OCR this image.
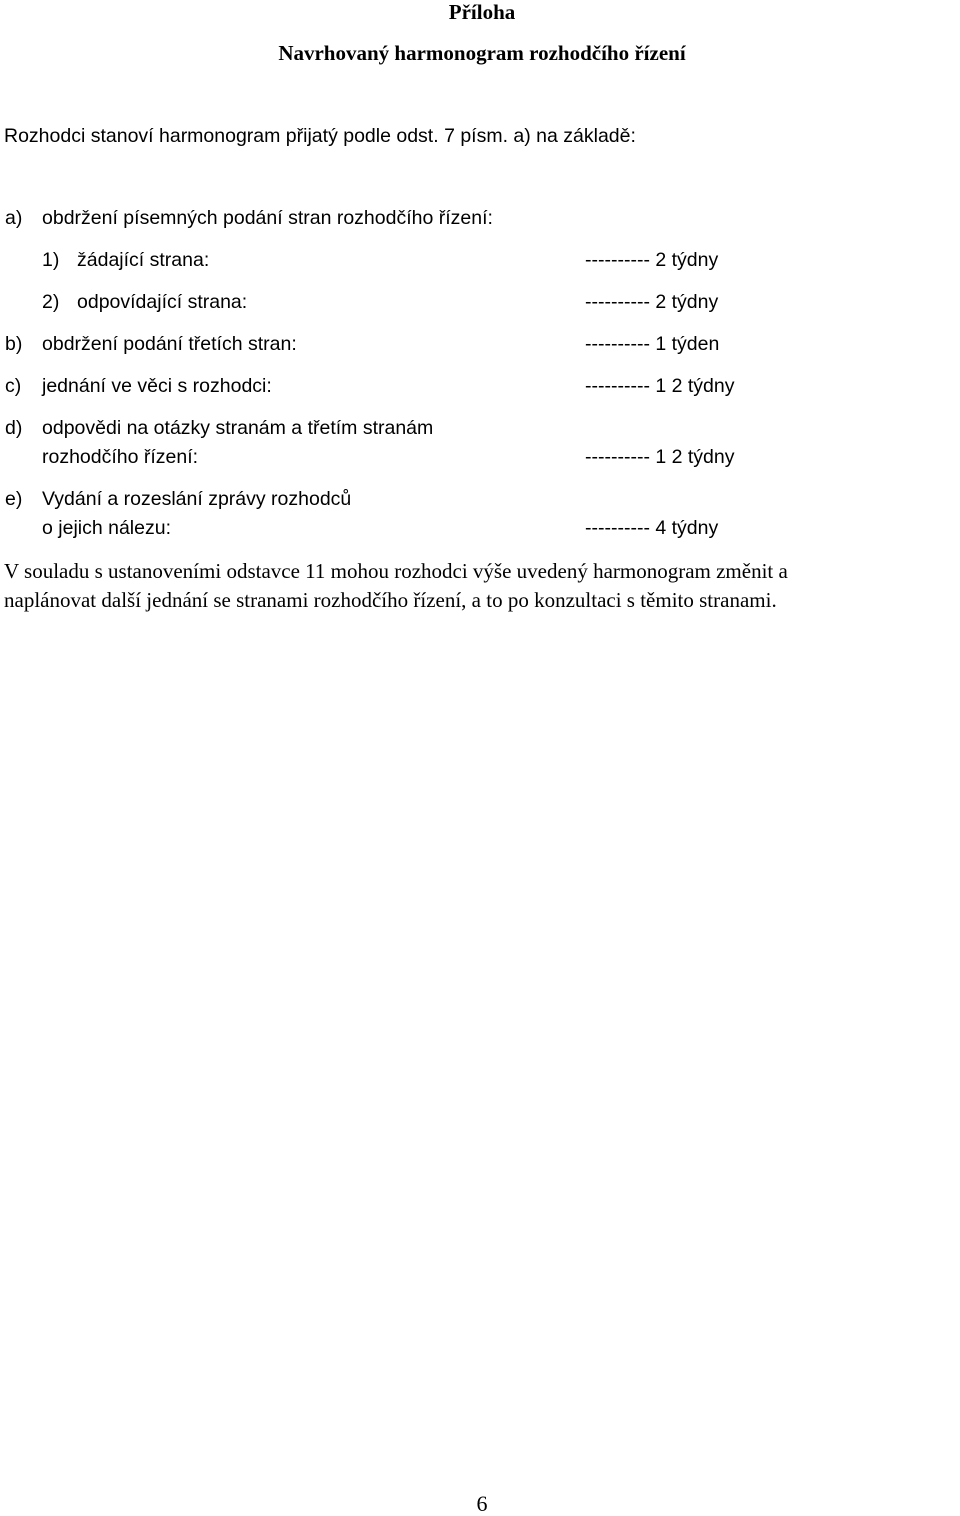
Příloha
Navrhovaný harmonogram rozhodčího řízení
Rozhodci stanoví harmonogram přijatý podle odst. 7 písm. a) na základě:
a) obdržení písemných podání stran rozhodčího řízení:
1) žádající strana:	---------- 2 týdny
2) odpovídající strana:	---------- 2 týdny
b) obdržení podání třetích stran:	---------- 1 týden
c) jednání ve věci s rozhodci:	---------- 1 2 týdny
d) odpovědi na otázky stranám a třetím stranám
rozhodčího řízení:	---------- 1 2 týdny
e) Vydání a rozeslání zprávy rozhodců
o jejich nálezu:	---------- 4 týdny
V souladu s ustanoveními odstavce 11 mohou rozhodci výše uvedený harmonogram změnit a
naplánovat další jednání se stranami rozhodčího řízení, a to po konzultaci s těmito stranami.
6
